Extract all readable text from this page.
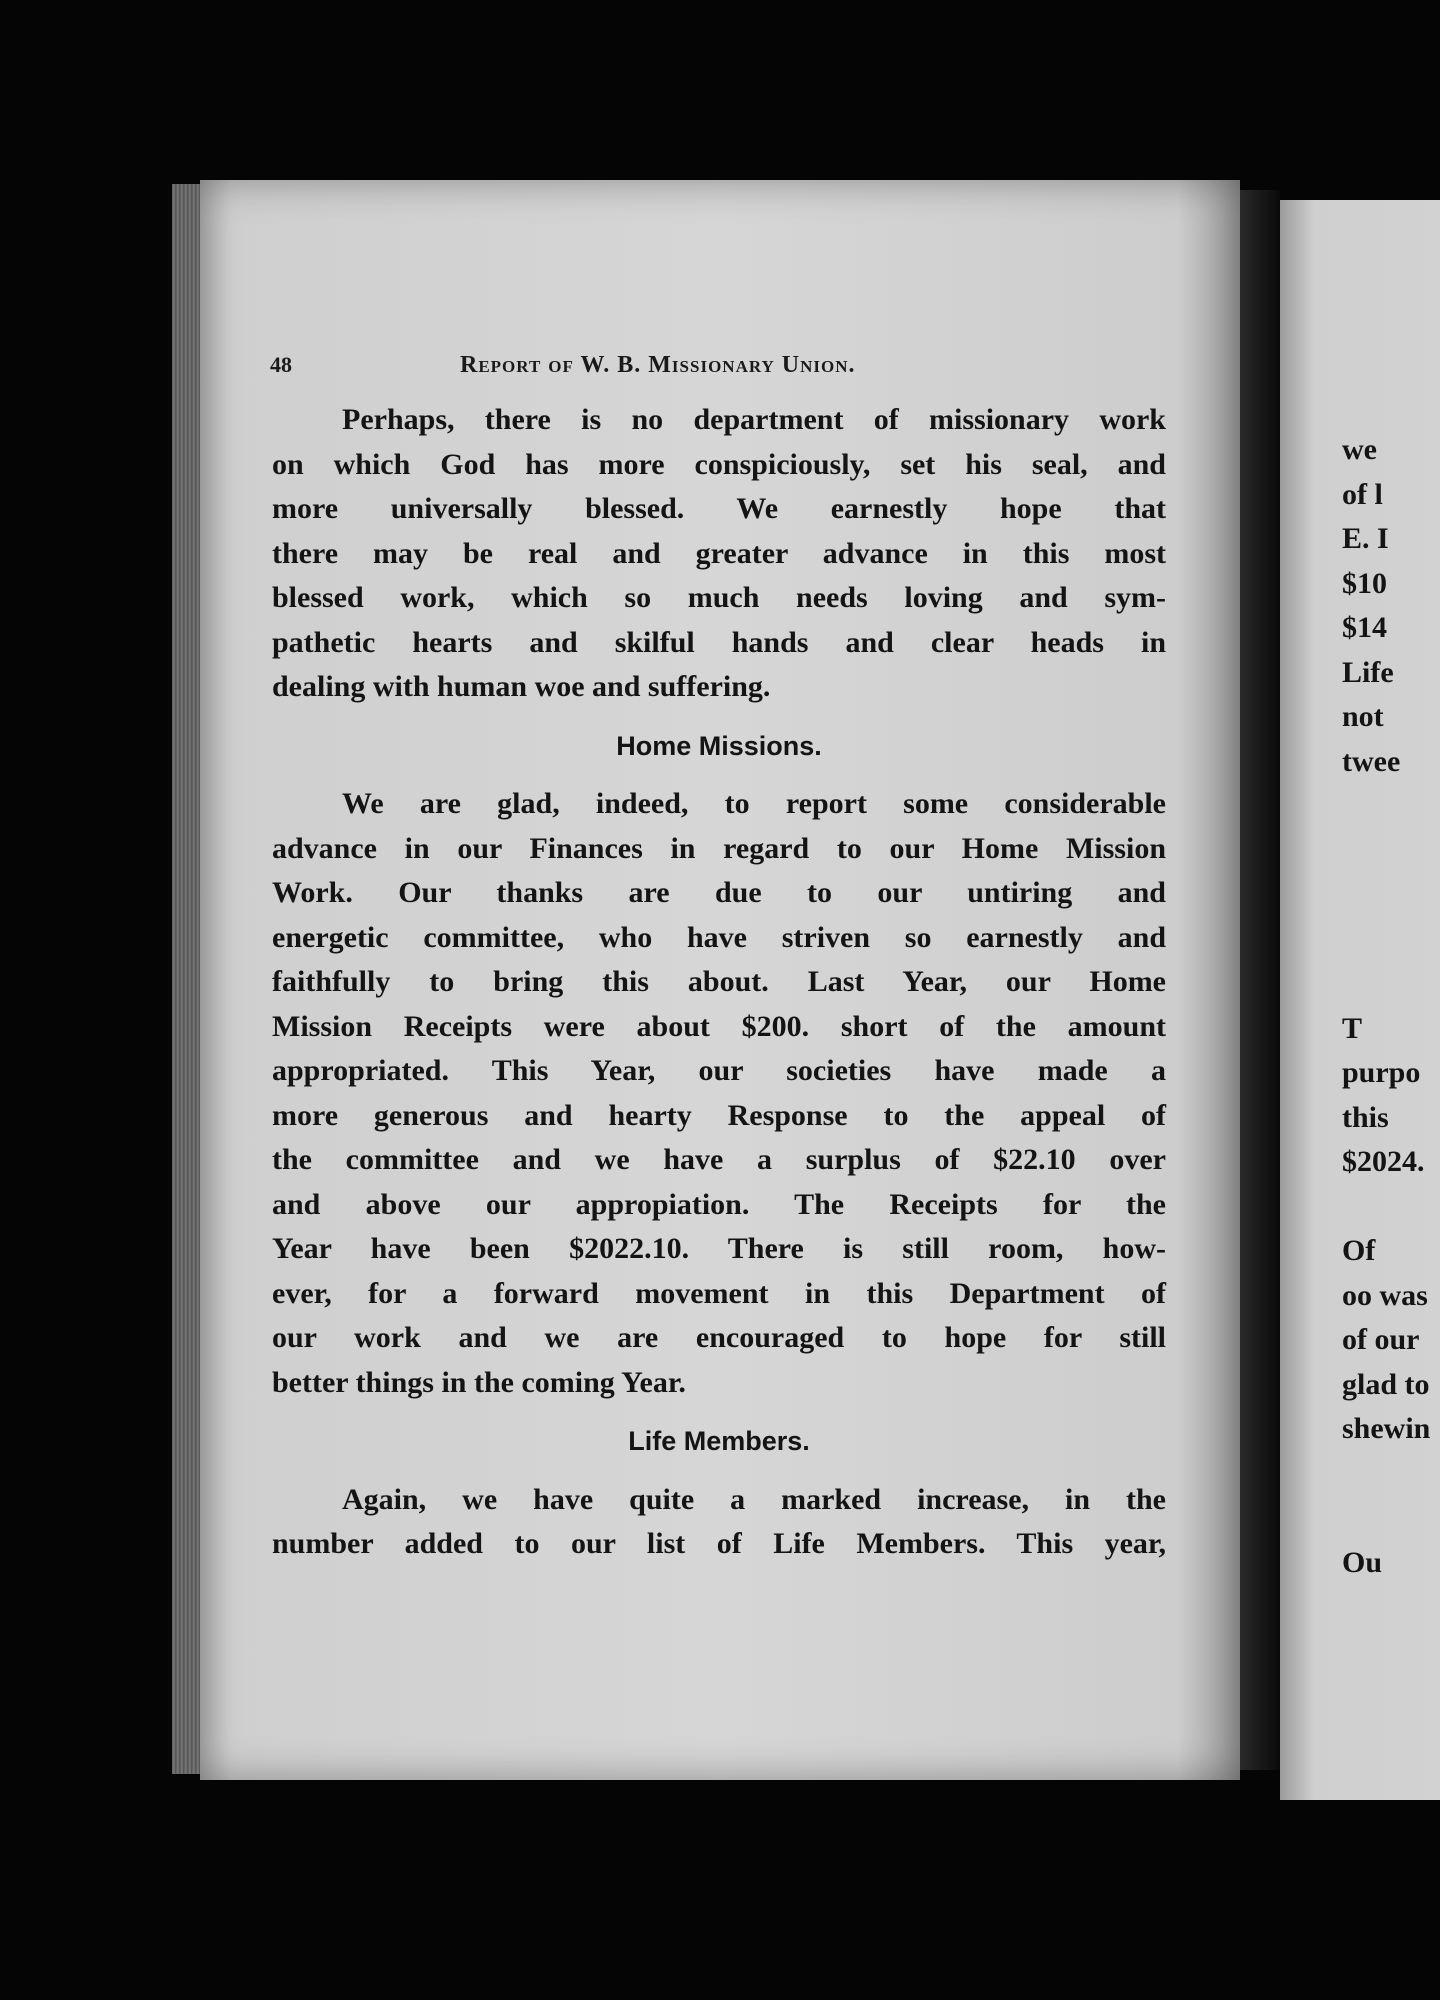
48	Report of W. B. Missionary Union.
Perhaps, there is no department of missionary work
on which God has more conspiciously, set his seal, and
more universally blessed. We earnestly hope that
there may be real and greater advance in this most
blessed work, which so much needs loving and sym-
pathetic hearts and skilful hands and clear heads in
dealing with human woe and suffering.
Home Missions.
We are glad, indeed, to report some considerable
advance in our Finances in regard to our Home Mission
Work. Our thanks are due to our untiring and
energetic committee, who have striven so earnestly and
faithfully to bring this about. Last Year, our Home
Mission Receipts were about $200. short of the amount
appropriated. This Year, our societies have made a
more generous and hearty Response to the appeal of
the committee and we have a surplus of $22.10 over
and above our appropiation. The Receipts for the
Year have been $2022.10. There is still room, how-
ever, for a forward movement in this Department of
our work and we are encouraged to hope for still
better things in the coming Year.
Life Members.
Again, we have quite a marked increase, in the
number added to our list of Life Members. This year,
we
of l
E. I
$10
$14
Life
not
twee
T
purpo
this
$2024.
Of
oo was
of our
glad to
shewin
Ou
